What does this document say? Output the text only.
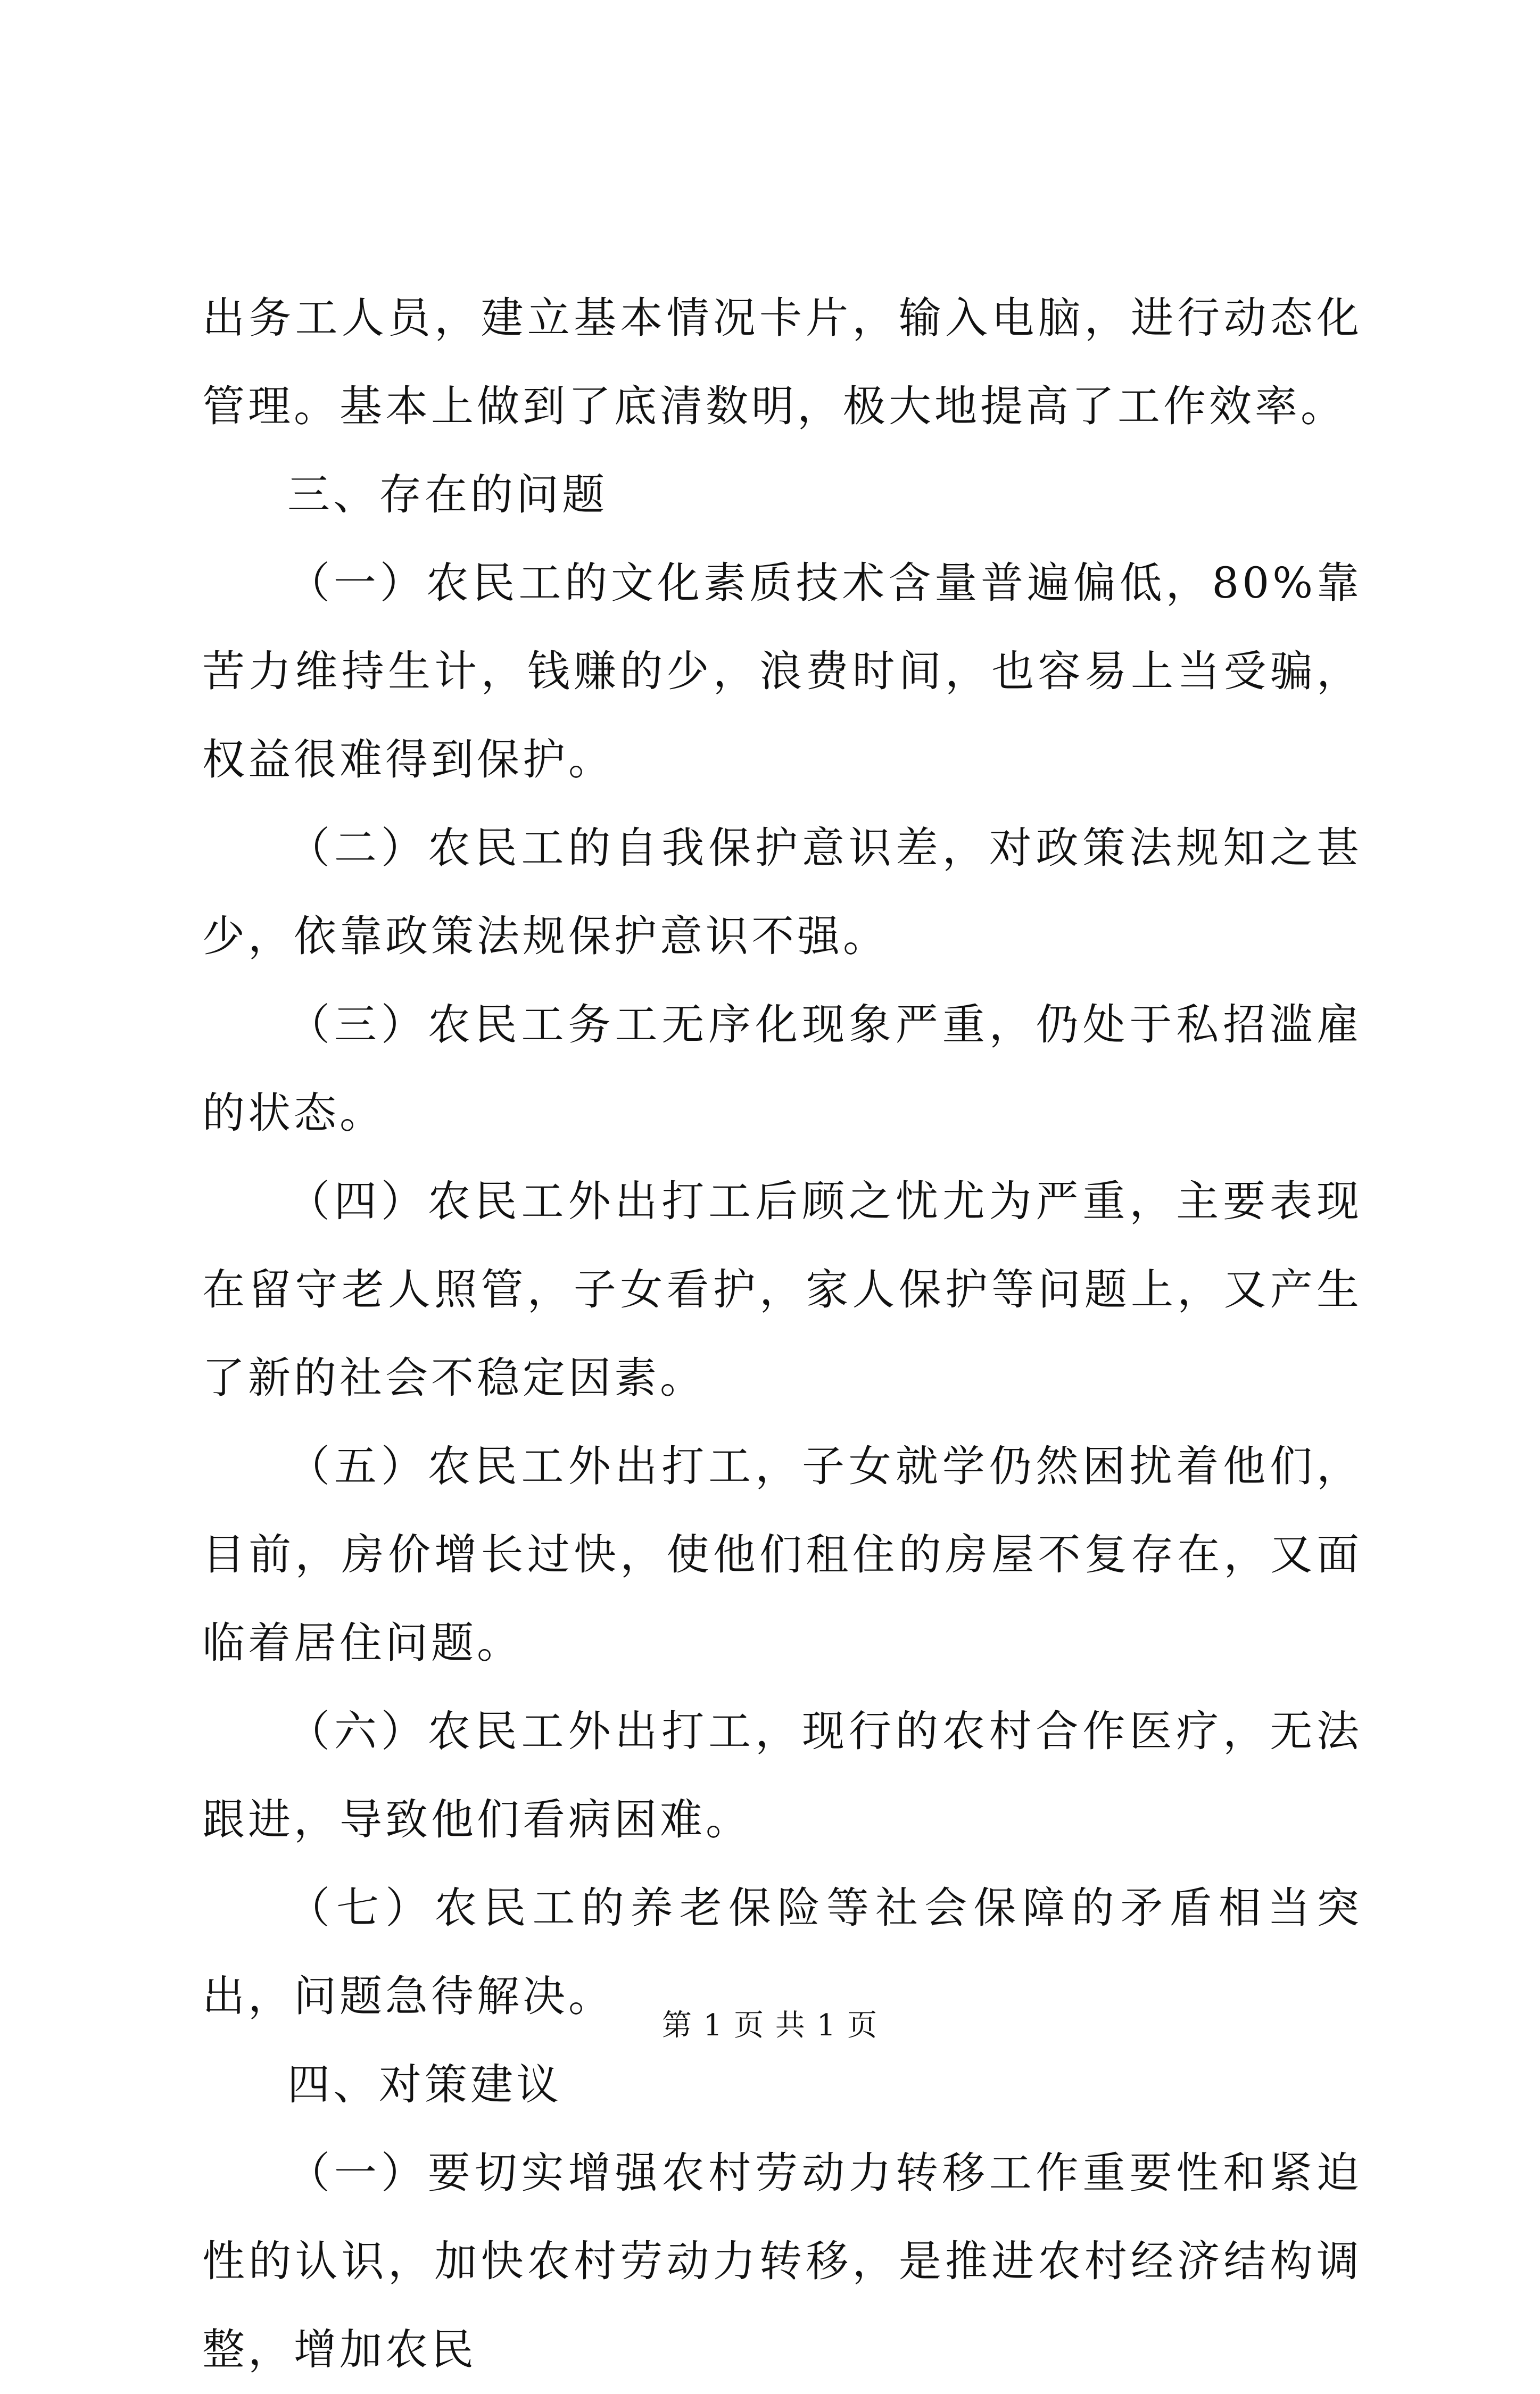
出务工人员，建立基本情况卡片，输入电脑，进行动态化管理。基本上做到了底清数明，极大地提高了工作效率。

三、存在的问题

（一）农民工的文化素质技术含量普遍偏低，80%靠苦力维持生计，钱赚的少，浪费时间，也容易上当受骗，权益很难得到保护。

（二）农民工的自我保护意识差，对政策法规知之甚少，依靠政策法规保护意识不强。

（三）农民工务工无序化现象严重，仍处于私招滥雇的状态。

（四）农民工外出打工后顾之忧尤为严重，主要表现在留守老人照管，子女看护，家人保护等问题上，又产生了新的社会不稳定因素。

（五）农民工外出打工，子女就学仍然困扰着他们，目前，房价增长过快，使他们租住的房屋不复存在，又面临着居住问题。

（六）农民工外出打工，现行的农村合作医疗，无法跟进，导致他们看病困难。

（七）农民工的养老保险等社会保障的矛盾相当突出，问题急待解决。

四、对策建议

（一）要切实增强农村劳动力转移工作重要性和紧迫性的认识，加快农村劳动力转移，是推进农村经济结构调整，增加农民

第 1 页 共 1 页
